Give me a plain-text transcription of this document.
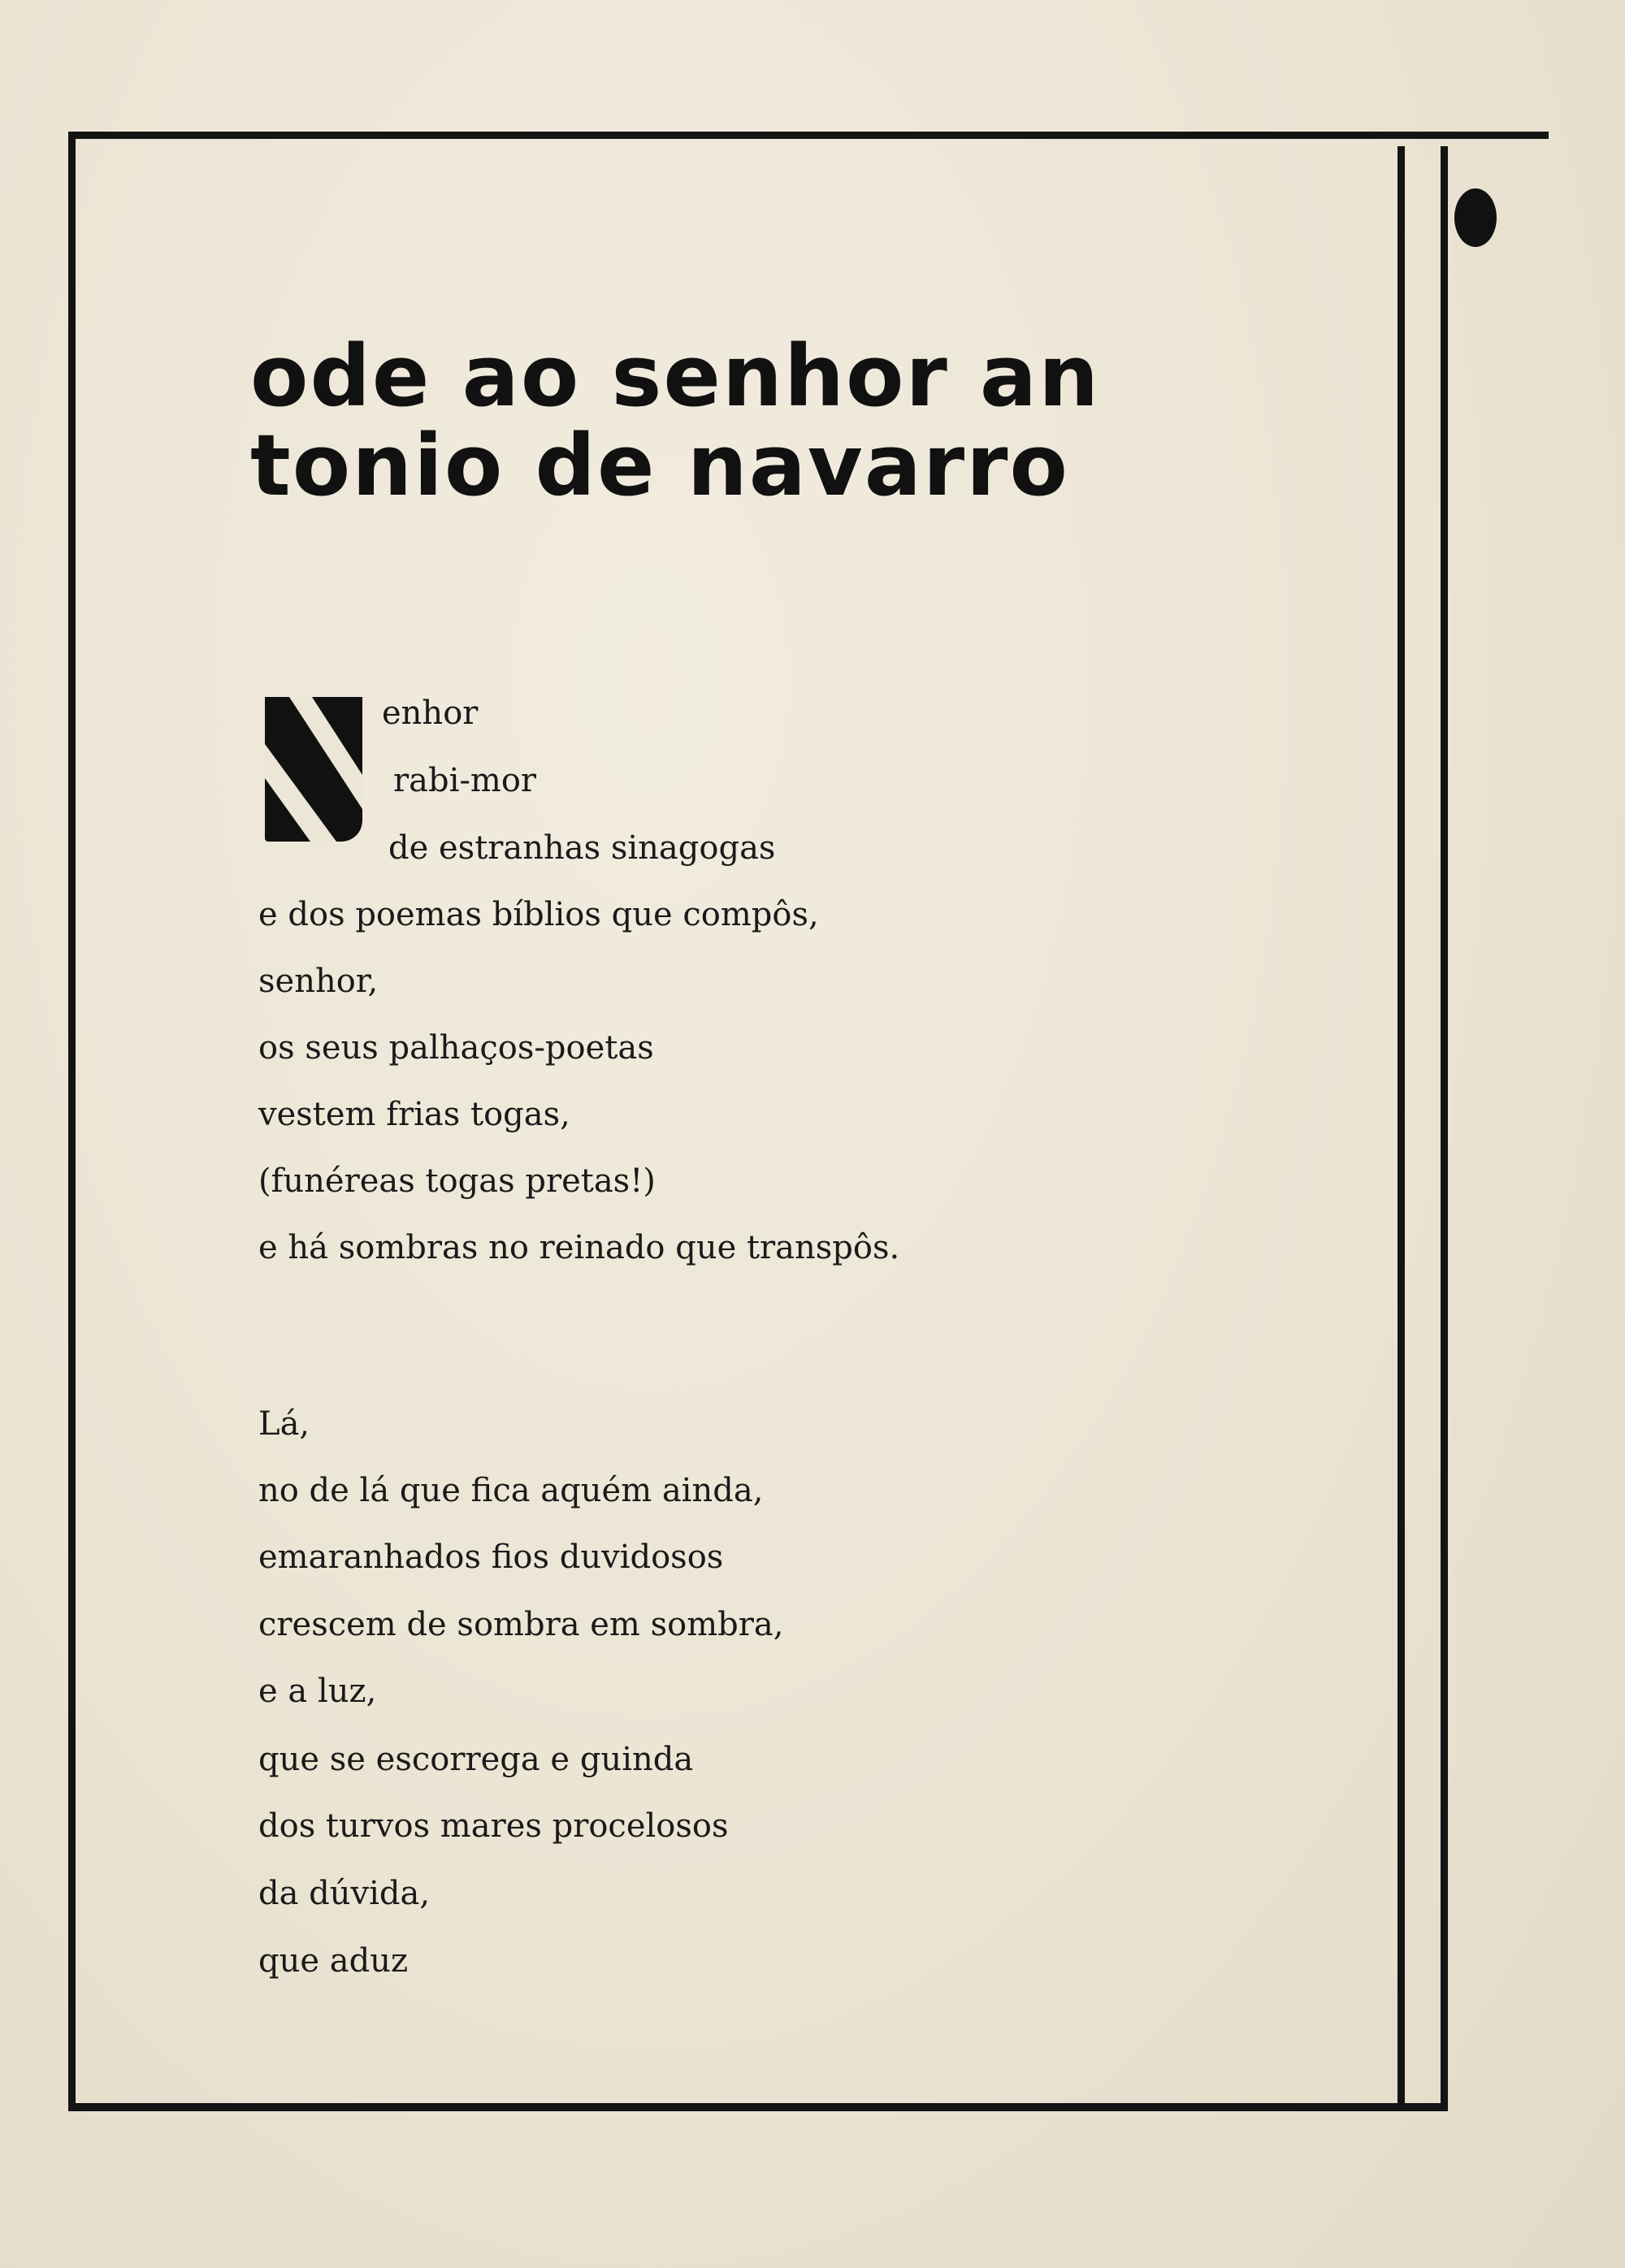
ode ao senhor an
tonio de navarro

enhor

rabi-mor

de estranhas sinagogas

e dos poemas bíblios que compôs,

senhor,

os seus palhaços-poetas

vestem frias togas,

(funéreas togas pretas!)

e há sombras no reinado que transpôs.

Lá,

no de lá que fica aquém ainda,

emaranhados fios duvidosos

crescem de sombra em sombra,

e a luz,

que se escorrega e guinda

dos turvos mares procelosos

da dúvida,

que aduz
